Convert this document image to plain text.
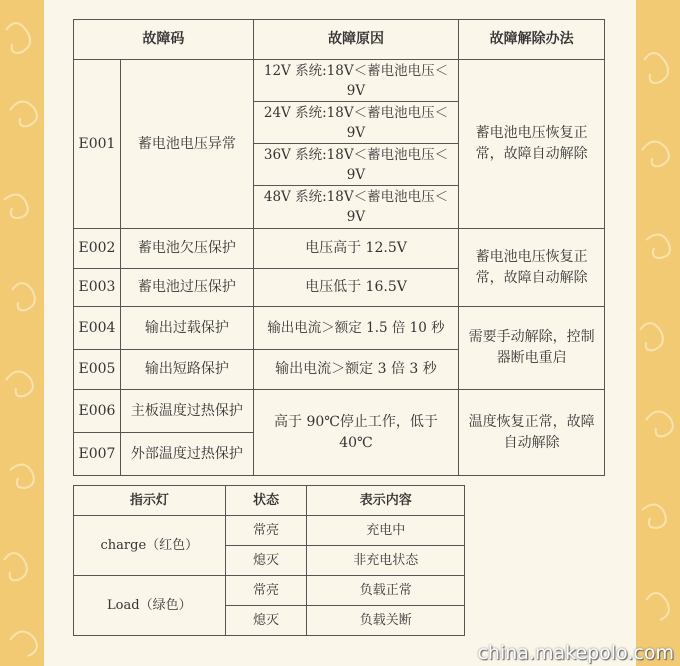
故障码		故障原因	故障解除办法
E001	蓄电池电压异常	12V 系统:18V＜蓄电池电压＜9V	蓄电池电压恢复正常，故障自动解除
		24V 系统:18V＜蓄电池电压＜9V	
		36V 系统:18V＜蓄电池电压＜9V	
		48V 系统:18V＜蓄电池电压＜9V	
E002	蓄电池欠压保护	电压高于 12.5V	蓄电池电压恢复正常，故障自动解除
E003	蓄电池过压保护	电压低于 16.5V	
E004	输出过载保护	输出电流＞额定 1.5 倍 10 秒	需要手动解除，控制器断电重启
E005	输出短路保护	输出电流＞额定 3 倍 3 秒	
E006	主板温度过热保护	高于 90℃停止工作，低于 40℃	温度恢复正常，故障自动解除
E007	外部温度过热保护		
指示灯	状态	表示内容
charge（红色）	常亮	充电中
	熄灭	非充电状态
Load（绿色）	常亮	负载正常
	熄灭	负载关断
china.makepolo.com
